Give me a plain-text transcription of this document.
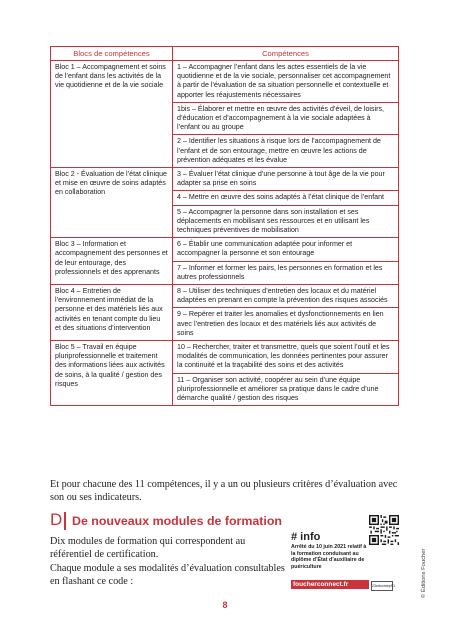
Blocs de compétences	Compétences
Bloc 1 – Accompagnement et soins de l’enfant dans les activités de la vie quotidienne et de la vie sociale	1 – Accompagner l’enfant dans les actes essentiels de la vie quotidienne et de la vie sociale, personnaliser cet accompagnement à partir de l’évaluation de sa situation personnelle et contextuelle et apporter les réajustements nécessaires
	1bis – Élaborer et mettre en œuvre des activités d’éveil, de loisirs, d’éducation et d’accompagnement à la vie sociale adaptées à l’enfant ou au groupe
	2 – Identifier les situations à risque lors de l’accompagnement de l’enfant et de son entourage, mettre en œuvre les actions de prévention adéquates et les évalue
Bloc 2 - Évaluation de l’état clinique et mise en œuvre de soins adaptés en collaboration	3 – Évaluer l’état clinique d’une personne à tout âge de la vie pour adapter sa prise en soins
	4 – Mettre en œuvre des soins adaptés à l’état clinique de l’enfant
	5 – Accompagner la personne dans son installation et ses déplacements en mobilisant ses ressources et en utilisant les techniques préventives de mobilisation
Bloc 3 – Information et accompagnement des personnes et de leur entourage, des professionnels et des apprenants	6 – Établir une communication adaptée pour informer et accompagner la personne et son entourage
	7 – Informer et former les pairs, les personnes en formation et les autres professionnels
Bloc 4 – Entretien de l’environnement immédiat de la personne et des matériels liés aux activités en tenant compte du lieu et des situations d’intervention	8 – Utiliser des techniques d’entretien des locaux et du matériel adaptées en prenant en compte la prévention des risques associés
	9 – Repérer et traiter les anomalies et dysfonctionnements en lien avec l’entretien des locaux et des matériels liés aux activités de soins
Bloc 5 – Travail en équipe pluriprofessionnelle et traitement des informations liées aux activités de soins, à la qualité / gestion des risques	10 – Rechercher, traiter et transmettre, quels que soient l’outil et les modalités de communication, les données pertinentes pour assurer la continuité et la traçabilité des soins et des activités
	11 – Organiser son activité, coopérer au sein d’une équipe pluriprofessionnelle et améliorer sa pratique dans le cadre d’une démarche qualité / gestion des risques
Et pour chacune des 11 compétences, il y a un ou plusieurs critères d’évaluation avec son ou ses indicateurs.
D De nouveaux modules de formation
Dix modules de formation qui correspondent au référentiel de certification.
Chaque module a ses modalités d’évaluation consultables en flashant ce code :
# info
Arrêté du 10 juin 2021 relatif à la formation conduisant au diplôme d’État d’auxiliaire de puériculture
foucherconnect.fr	23eduxmepS1	© Éditions Foucher
8
